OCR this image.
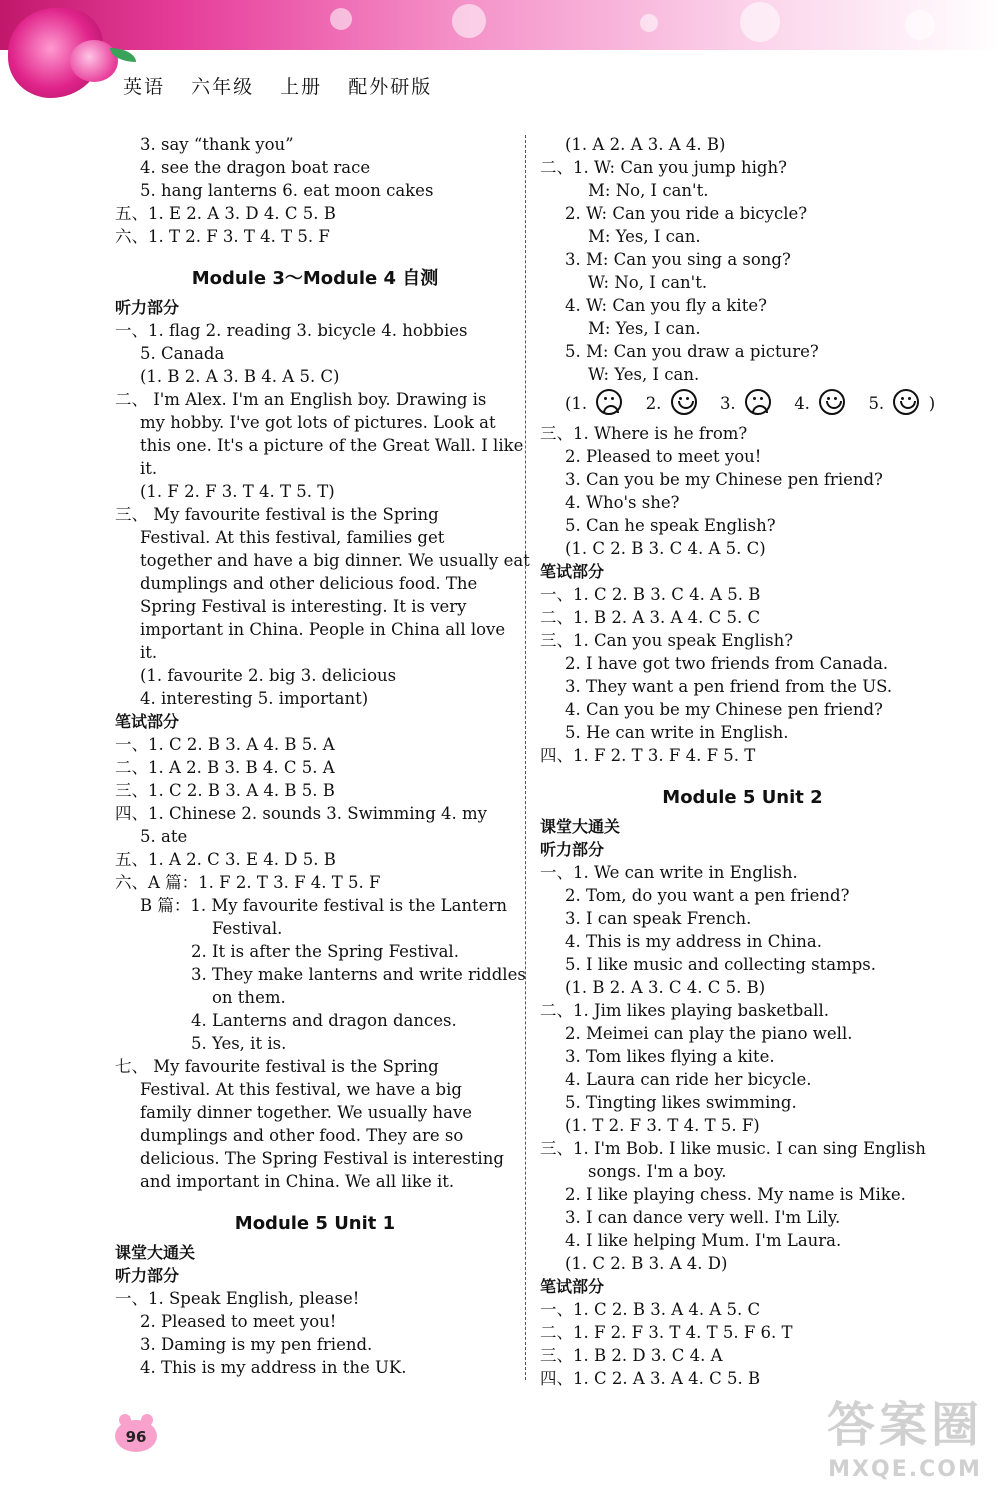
英语 六年级 上册 配外研版
3. say “thank you”
4. see the dragon boat race
5. hang lanterns 6. eat moon cakes
五、1. E 2. A 3. D 4. C 5. B
六、1. T 2. F 3. T 4. T 5. F
Module 3～Module 4 自测
听力部分
一、1. flag 2. reading 3. bicycle 4. hobbies
5. Canada
(1. B 2. A 3. B 4. A 5. C)
二、 I'm Alex. I'm an English boy. Drawing is
my hobby. I've got lots of pictures. Look at
this one. It's a picture of the Great Wall. I like
it.
(1. F 2. F 3. T 4. T 5. T)
三、 My favourite festival is the Spring
Festival. At this festival, families get
together and have a big dinner. We usually eat
dumplings and other delicious food. The
Spring Festival is interesting. It is very
important in China. People in China all love
it.
(1. favourite 2. big 3. delicious
4. interesting 5. important)
笔试部分
一、1. C 2. B 3. A 4. B 5. A
二、1. A 2. B 3. B 4. C 5. A
三、1. C 2. B 3. A 4. B 5. B
四、1. Chinese 2. sounds 3. Swimming 4. my
5. ate
五、1. A 2. C 3. E 4. D 5. B
六、A 篇：1. F 2. T 3. F 4. T 5. F
B 篇：1. My favourite festival is the Lantern
Festival.
2. It is after the Spring Festival.
3. They make lanterns and write riddles
on them.
4. Lanterns and dragon dances.
5. Yes, it is.
七、 My favourite festival is the Spring
Festival. At this festival, we have a big
family dinner together. We usually have
dumplings and other food. They are so
delicious. The Spring Festival is interesting
and important in China. We all like it.
Module 5 Unit 1
课堂大通关
听力部分
一、1. Speak English, please!
2. Pleased to meet you!
3. Daming is my pen friend.
4. This is my address in the UK.
(1. A 2. A 3. A 4. B)
二、1. W: Can you jump high?
M: No, I can't.
2. W: Can you ride a bicycle?
M: Yes, I can.
3. M: Can you sing a song?
W: No, I can't.
4. W: Can you fly a kite?
M: Yes, I can.
5. M: Can you draw a picture?
W: Yes, I can.
(1.	2.	3.	4.	5.	)
三、1. Where is he from?
2. Pleased to meet you!
3. Can you be my Chinese pen friend?
4. Who's she?
5. Can he speak English?
(1. C 2. B 3. C 4. A 5. C)
笔试部分
一、1. C 2. B 3. C 4. A 5. B
二、1. B 2. A 3. A 4. C 5. C
三、1. Can you speak English?
2. I have got two friends from Canada.
3. They want a pen friend from the US.
4. Can you be my Chinese pen friend?
5. He can write in English.
四、1. F 2. T 3. F 4. F 5. T
Module 5 Unit 2
课堂大通关
听力部分
一、1. We can write in English.
2. Tom, do you want a pen friend?
3. I can speak French.
4. This is my address in China.
5. I like music and collecting stamps.
(1. B 2. A 3. C 4. C 5. B)
二、1. Jim likes playing basketball.
2. Meimei can play the piano well.
3. Tom likes flying a kite.
4. Laura can ride her bicycle.
5. Tingting likes swimming.
(1. T 2. F 3. T 4. T 5. F)
三、1. I'm Bob. I like music. I can sing English
songs. I'm a boy.
2. I like playing chess. My name is Mike.
3. I can dance very well. I'm Lily.
4. I like helping Mum. I'm Laura.
(1. C 2. B 3. A 4. D)
笔试部分
一、1. C 2. B 3. A 4. A 5. C
二、1. F 2. F 3. T 4. T 5. F 6. T
三、1. B 2. D 3. C 4. A
四、1. C 2. A 3. A 4. C 5. B
96	答案圈
MXQE.COM
